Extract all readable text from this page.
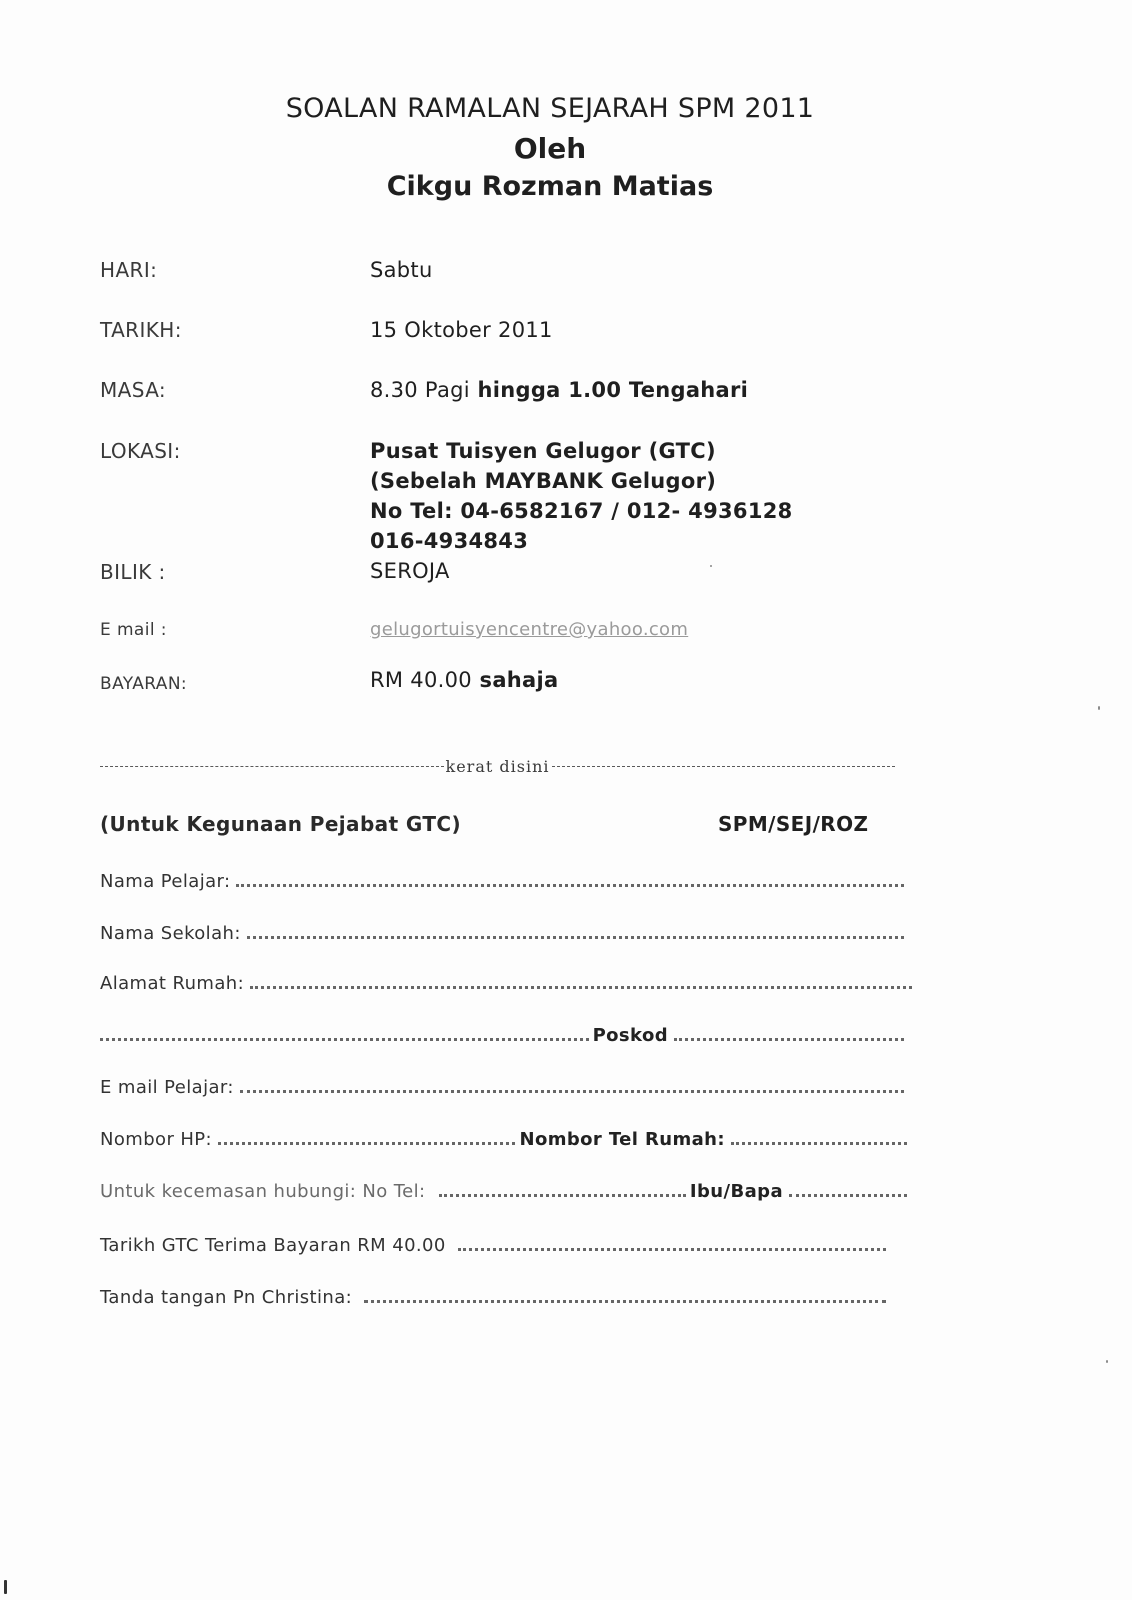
SOALAN RAMALAN SEJARAH SPM 2011
Oleh
Cikgu Rozman Matias
HARI:	Sabtu
TARIKH:	15 Oktober 2011
MASA:	8.30 Pagi hingga 1.00 Tengahari
LOKASI:	Pusat Tuisyen Gelugor (GTC)
(Sebelah MAYBANK Gelugor)
No Tel: 04-6582167 / 012- 4936128
016-4934843
BILIK :	SEROJA
E mail :	gelugortuisyencentre@yahoo.com
BAYARAN:	RM 40.00 sahaja
kerat disini
(Untuk Kegunaan Pejabat GTC)	SPM/SEJ/ROZ
Nama Pelajar:
Nama Sekolah:
Alamat Rumah:
Poskod
E mail Pelajar:
Nombor HP:	Nombor Tel Rumah:
Untuk kecemasan hubungi: No Tel:	Ibu/Bapa
Tarikh GTC Terima Bayaran RM 40.00
Tanda tangan Pn Christina:
